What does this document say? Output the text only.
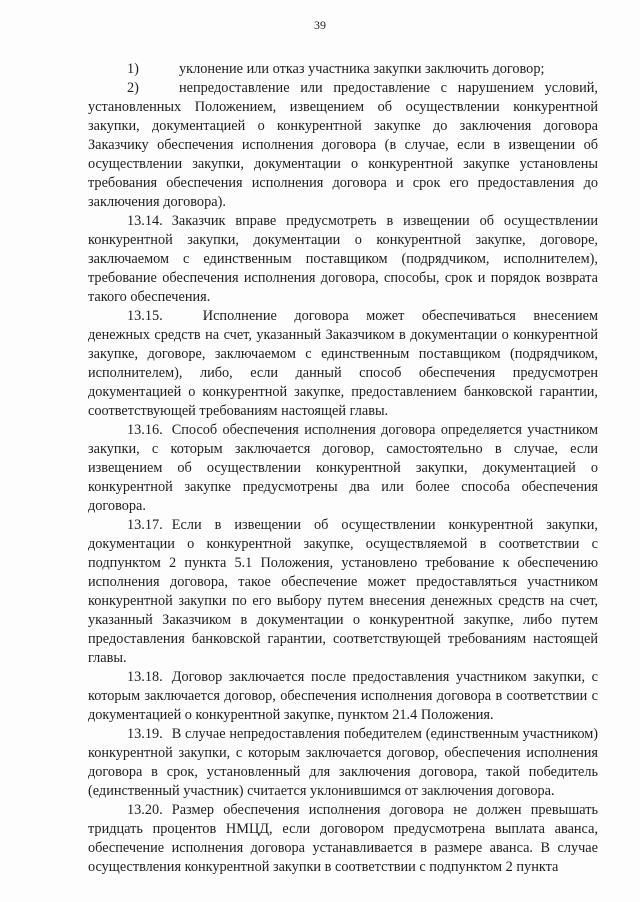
39

1)	уклонение или отказ участника закупки заключить договор;

2)	непредоставление или предоставление с нарушением условий, установленных Положением, извещением об осуществлении конкурентной закупки, документацией о конкурентной закупке до заключения договора Заказчику обеспечения исполнения договора (в случае, если в извещении об осуществлении закупки, документации о конкурентной закупке установлены требования обеспечения исполнения договора и срок его предоставления до заключения договора).

13.14. Заказчик вправе предусмотреть в извещении об осуществлении конкурентной закупки, документации о конкурентной закупке, договоре, заключаемом с единственным поставщиком (подрядчиком, исполнителем), требование обеспечения исполнения договора, способы, срок и порядок возврата такого обеспечения.

13.15.	Исполнение договора может обеспечиваться внесением денежных средств на счет, указанный Заказчиком в документации о конкурентной закупке, договоре, заключаемом с единственным поставщиком (подрядчиком, исполнителем), либо, если данный способ обеспечения предусмотрен документацией о конкурентной закупке, предоставлением банковской гарантии, соответствующей требованиям настоящей главы.

13.16. Способ обеспечения исполнения договора определяется участником закупки, с которым заключается договор, самостоятельно в случае, если извещением об осуществлении конкурентной закупки, документацией о конкурентной закупке предусмотрены два или более способа обеспечения договора.

13.17. Если в извещении об осуществлении конкурентной закупки, документации о конкурентной закупке, осуществляемой в соответствии с подпунктом 2 пункта 5.1 Положения, установлено требование к обеспечению исполнения договора, такое обеспечение может предоставляться участником конкурентной закупки по его выбору путем внесения денежных средств на счет, указанный Заказчиком в документации о конкурентной закупке, либо путем предоставления банковской гарантии, соответствующей требованиям настоящей главы.

13.18. Договор заключается после предоставления участником закупки, с которым заключается договор, обеспечения исполнения договора в соответствии с документацией о конкурентной закупке, пунктом 21.4 Положения.

13.19. В случае непредоставления победителем (единственным участником) конкурентной закупки, с которым заключается договор, обеспечения исполнения договора в срок, установленный для заключения договора, такой победитель (единственный участник) считается уклонившимся от заключения договора.

13.20. Размер обеспечения исполнения договора не должен превышать тридцать процентов НМЦД, если договором предусмотрена выплата аванса, обеспечение исполнения договора устанавливается в размере аванса. В случае осуществления конкурентной закупки в соответствии с подпунктом 2 пункта
